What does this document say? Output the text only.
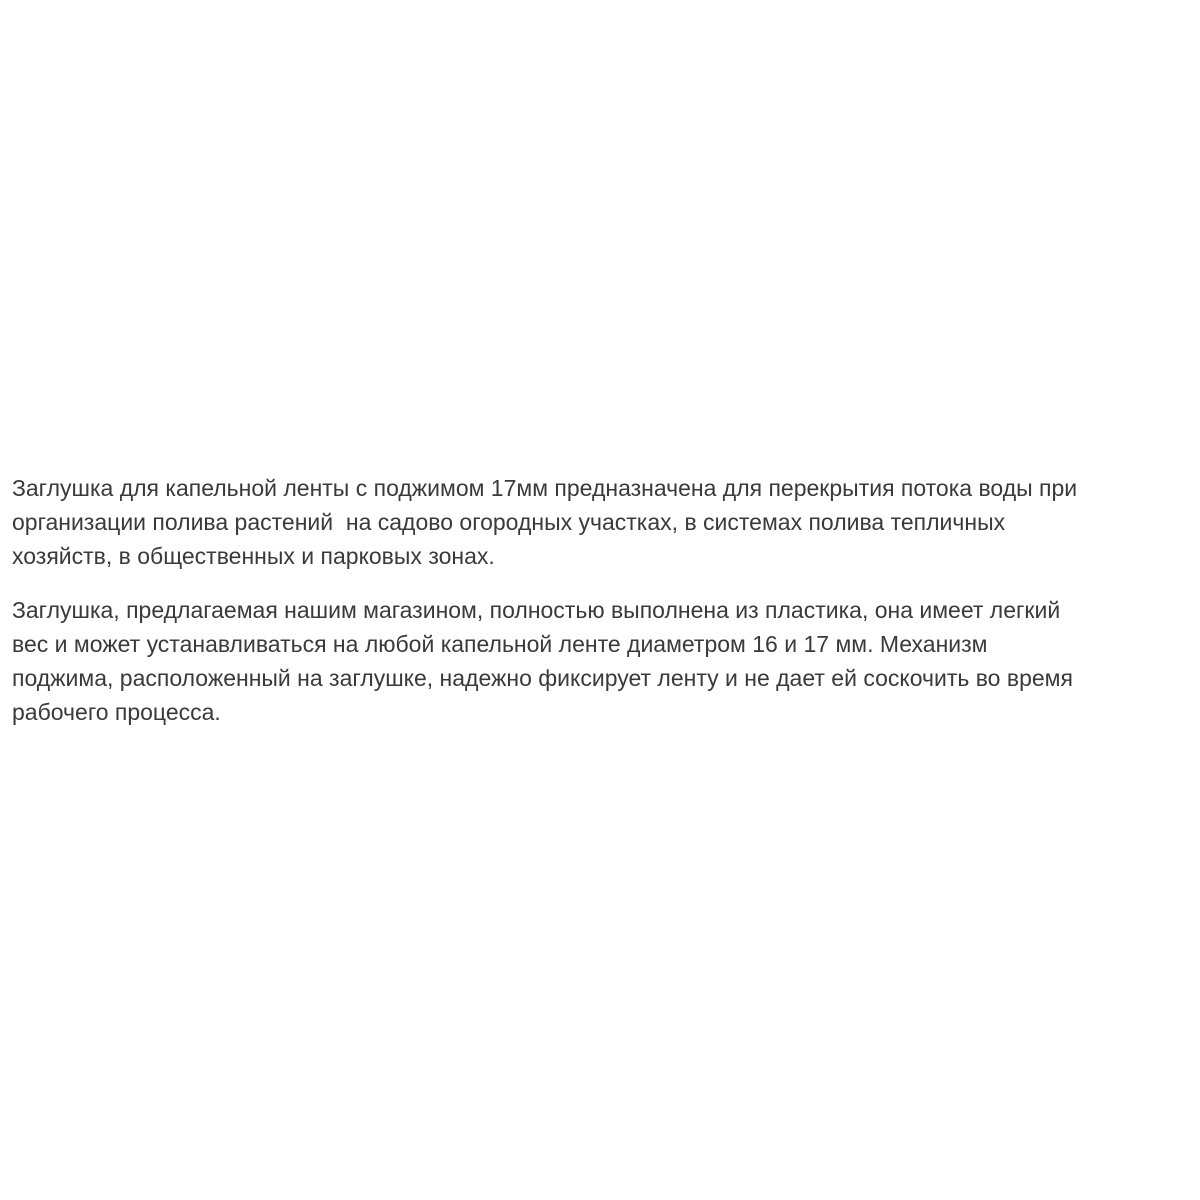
Заглушка для капельной ленты с поджимом 17мм предназначена для перекрытия потока воды при
организации полива растений  на садово огородных участках, в системах полива тепличных
хозяйств, в общественных и парковых зонах.

Заглушка, предлагаемая нашим магазином, полностью выполнена из пластика, она имеет легкий
вес и может устанавливаться на любой капельной ленте диаметром 16 и 17 мм. Механизм
поджима, расположенный на заглушке, надежно фиксирует ленту и не дает ей соскочить во время
рабочего процесса.
